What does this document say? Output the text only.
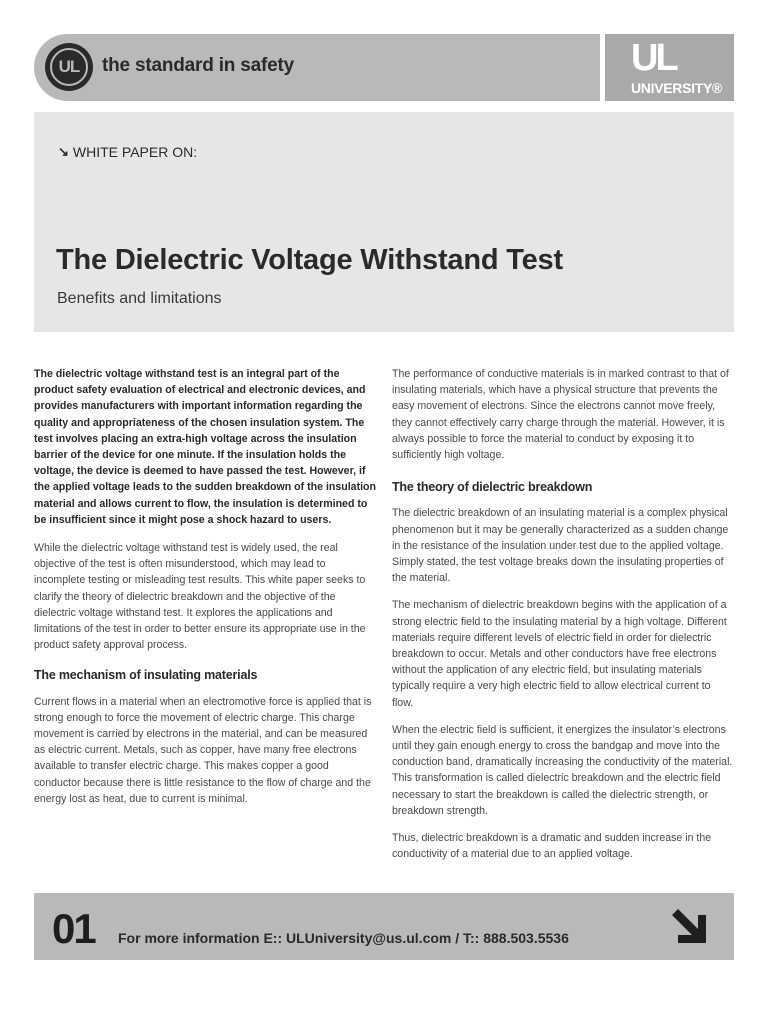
UL	the standard in safety	UL
UNIVERSITY®
↘ WHITE PAPER ON:
The Dielectric Voltage Withstand Test
Benefits and limitations

The dielectric voltage withstand test is an integral part of the product safety evaluation of electrical and electronic devices, and provides manufacturers with important information regarding the quality and appropriateness of the chosen insulation system. The test involves placing an extra-high voltage across the insulation barrier of the device for one minute. If the insulation holds the voltage, the device is deemed to have passed the test. However, if the applied voltage leads to the sudden breakdown of the insulation material and allows current to flow, the insulation is determined to be insufficient since it might pose a shock hazard to users.

While the dielectric voltage withstand test is widely used, the real objective of the test is often misunderstood, which may lead to incomplete testing or misleading test results. This white paper seeks to clarify the theory of dielectric breakdown and the objective of the dielectric voltage withstand test. It explores the applications and limitations of the test in order to better ensure its appropriate use in the product safety approval process.

The mechanism of insulating materials

Current flows in a material when an electromotive force is applied that is strong enough to force the movement of electric charge. This charge movement is carried by electrons in the material, and can be measured as electric current. Metals, such as copper, have many free electrons available to transfer electric charge. This makes copper a good conductor because there is little resistance to the flow of charge and the energy lost as heat, due to current is minimal.

The performance of conductive materials is in marked contrast to that of insulating materials, which have a physical structure that prevents the easy movement of electrons. Since the electrons cannot move freely, they cannot effectively carry charge through the material. However, it is always possible to force the material to conduct by exposing it to sufficiently high voltage.

The theory of dielectric breakdown

The dielectric breakdown of an insulating material is a complex physical phenomenon but it may be generally characterized as a sudden change in the resistance of the insulation under test due to the applied voltage. Simply stated, the test voltage breaks down the insulating properties of the material.

The mechanism of dielectric breakdown begins with the application of a strong electric field to the insulating material by a high voltage. Different materials require different levels of electric field in order for dielectric breakdown to occur. Metals and other conductors have free electrons without the application of any electric field, but insulating materials typically require a very high electric field to allow electrical current to flow.

When the electric field is sufficient, it energizes the insulator’s electrons until they gain enough energy to cross the bandgap and move into the conduction band, dramatically increasing the conductivity of the material. This transformation is called dielectric breakdown and the electric field necessary to start the breakdown is called the dielectric strength, or breakdown strength.

Thus, dielectric breakdown is a dramatic and sudden increase in the conductivity of a material due to an applied voltage.

01 For more information E:: ULUniversity@us.ul.com / T:: 888.503.5536
